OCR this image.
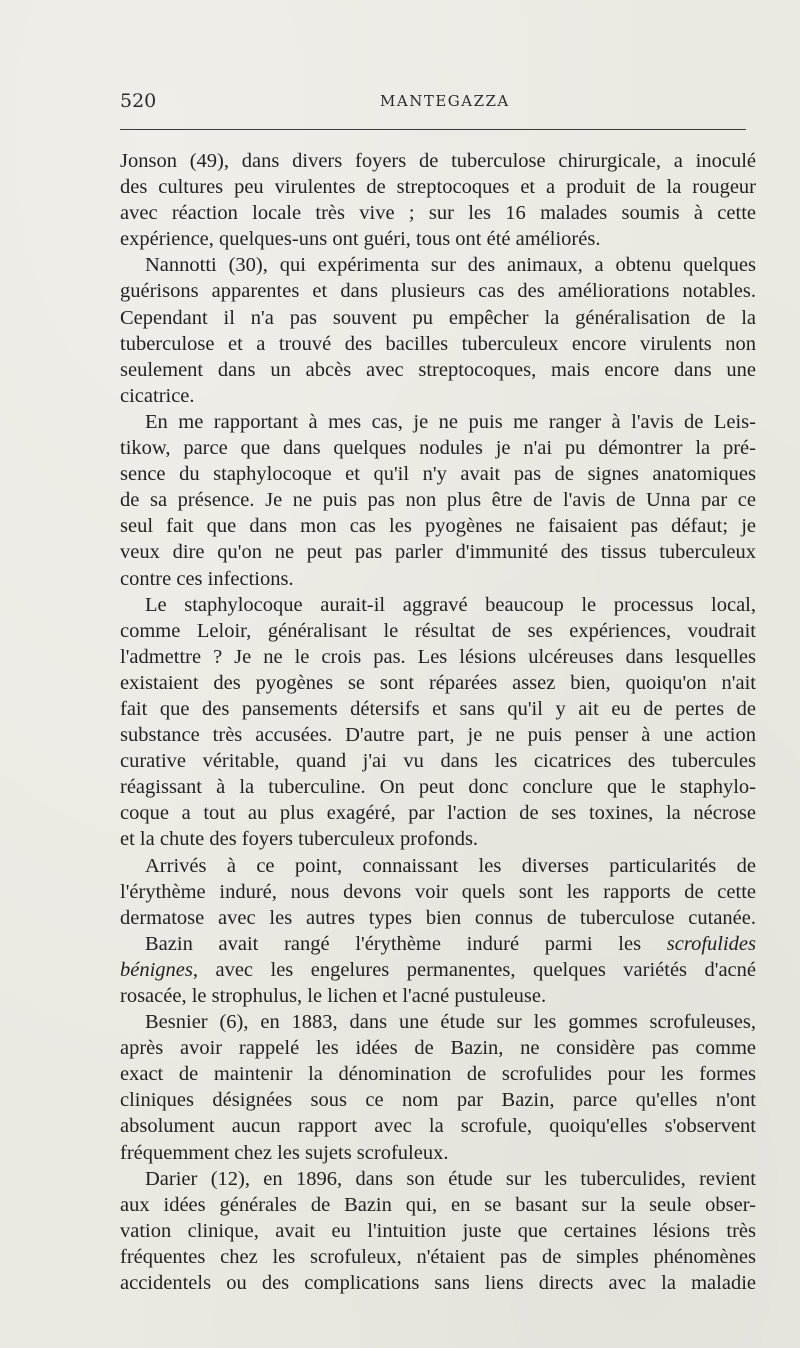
520	MANTEGAZZA
Jonson (49), dans divers foyers de tuberculose chirurgicale, a inoculé
des cultures peu virulentes de streptocoques et a produit de la rougeur
avec réaction locale très vive ; sur les 16 malades soumis à cette
expérience, quelques-uns ont guéri, tous ont été améliorés.
Nannotti (30), qui expérimenta sur des animaux, a obtenu quelques
guérisons apparentes et dans plusieurs cas des améliorations notables.
Cependant il n'a pas souvent pu empêcher la généralisation de la
tuberculose et a trouvé des bacilles tuberculeux encore virulents non
seulement dans un abcès avec streptocoques, mais encore dans une
cicatrice.
En me rapportant à mes cas, je ne puis me ranger à l'avis de Leis-
tikow, parce que dans quelques nodules je n'ai pu démontrer la pré-
sence du staphylocoque et qu'il n'y avait pas de signes anatomiques
de sa présence. Je ne puis pas non plus être de l'avis de Unna par ce
seul fait que dans mon cas les pyogènes ne faisaient pas défaut; je
veux dire qu'on ne peut pas parler d'immunité des tissus tuberculeux
contre ces infections.
Le staphylocoque aurait-il aggravé beaucoup le processus local,
comme Leloir, généralisant le résultat de ses expériences, voudrait
l'admettre ? Je ne le crois pas. Les lésions ulcéreuses dans lesquelles
existaient des pyogènes se sont réparées assez bien, quoiqu'on n'ait
fait que des pansements détersifs et sans qu'il y ait eu de pertes de
substance très accusées. D'autre part, je ne puis penser à une action
curative véritable, quand j'ai vu dans les cicatrices des tubercules
réagissant à la tuberculine. On peut donc conclure que le staphylo-
coque a tout au plus exagéré, par l'action de ses toxines, la nécrose
et la chute des foyers tuberculeux profonds.
Arrivés à ce point, connaissant les diverses particularités de
l'érythème induré, nous devons voir quels sont les rapports de cette
dermatose avec les autres types bien connus de tuberculose cutanée.
Bazin avait rangé l'érythème induré parmi les scrofulides
bénignes, avec les engelures permanentes, quelques variétés d'acné
rosacée, le strophulus, le lichen et l'acné pustuleuse.
Besnier (6), en 1883, dans une étude sur les gommes scrofuleuses,
après avoir rappelé les idées de Bazin, ne considère pas comme
exact de maintenir la dénomination de scrofulides pour les formes
cliniques désignées sous ce nom par Bazin, parce qu'elles n'ont
absolument aucun rapport avec la scrofule, quoiqu'elles s'observent
fréquemment chez les sujets scrofuleux.
Darier (12), en 1896, dans son étude sur les tuberculides, revient
aux idées générales de Bazin qui, en se basant sur la seule obser-
vation clinique, avait eu l'intuition juste que certaines lésions très
fréquentes chez les scrofuleux, n'étaient pas de simples phénomènes
accidentels ou des complications sans liens directs avec la maladie
